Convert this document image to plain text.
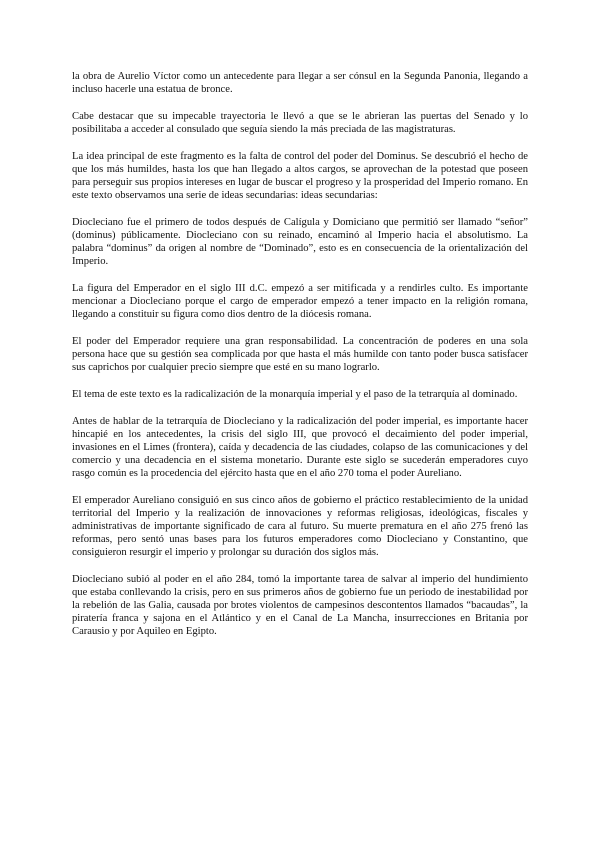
la obra de Aurelio Víctor como un antecedente para llegar a ser cónsul en la Segunda Panonia, llegando a incluso hacerle una estatua de bronce.

Cabe destacar que su impecable trayectoria le llevó a que se le abrieran las puertas del Senado y lo posibilitaba a acceder al consulado que seguía siendo la más preciada de las magistraturas.

La idea principal de este fragmento es la falta de control del poder del Dominus. Se descubrió el hecho de que los más humildes, hasta los que han llegado a altos cargos, se aprovechan de la potestad que poseen para perseguir sus propios intereses en lugar de buscar el progreso y la prosperidad del Imperio romano. En este texto observamos una serie de ideas secundarias: ideas secundarias:

Diocleciano fue el primero de todos después de Calígula y Domiciano que permitió ser llamado “señor” (dominus) públicamente. Diocleciano con su reinado, encaminó al Imperio hacia el absolutismo. La palabra “dominus” da origen al nombre de “Dominado”, esto es en consecuencia de la orientalización del Imperio.

La figura del Emperador en el siglo III d.C. empezó a ser mitificada y a rendirles culto. Es importante mencionar a Diocleciano porque el cargo de emperador empezó a tener impacto en la religión romana, llegando a constituir su figura como dios dentro de la diócesis romana.

El poder del Emperador requiere una gran responsabilidad. La concentración de poderes en una sola persona hace que su gestión sea complicada por que hasta el más humilde con tanto poder busca satisfacer sus caprichos por cualquier precio siempre que esté en su mano lograrlo.

El tema de este texto es la radicalización de la monarquía imperial y el paso de la tetrarquía al dominado.

Antes de hablar de la tetrarquía de Diocleciano y la radicalización del poder imperial, es importante hacer hincapié en los antecedentes, la crisis del siglo III, que provocó el decaimiento del poder imperial, invasiones en el Limes (frontera), caída y decadencia de las ciudades, colapso de las comunicaciones y del comercio y una decadencia en el sistema monetario. Durante este siglo se sucederán emperadores cuyo rasgo común es la procedencia del ejército hasta que en el año 270 toma el poder Aureliano.

El emperador Aureliano consiguió en sus cinco años de gobierno el práctico restablecimiento de la unidad territorial del Imperio y la realización de innovaciones y reformas religiosas, ideológicas, fiscales y administrativas de importante significado de cara al futuro. Su muerte prematura en el año 275 frenó las reformas, pero sentó unas bases para los futuros emperadores como Diocleciano y Constantino, que consiguieron resurgir el imperio y prolongar su duración dos siglos más.

Diocleciano subió al poder en el año 284, tomó la importante tarea de salvar al imperio del hundimiento que estaba conllevando la crisis, pero en sus primeros años de gobierno fue un periodo de inestabilidad por la rebelión de las Galia, causada por brotes violentos de campesinos descontentos llamados “bacaudas”, la piratería franca y sajona en el Atlántico y en el Canal de La Mancha, insurrecciones en Britania por Carausio y por Aquileo en Egipto.
